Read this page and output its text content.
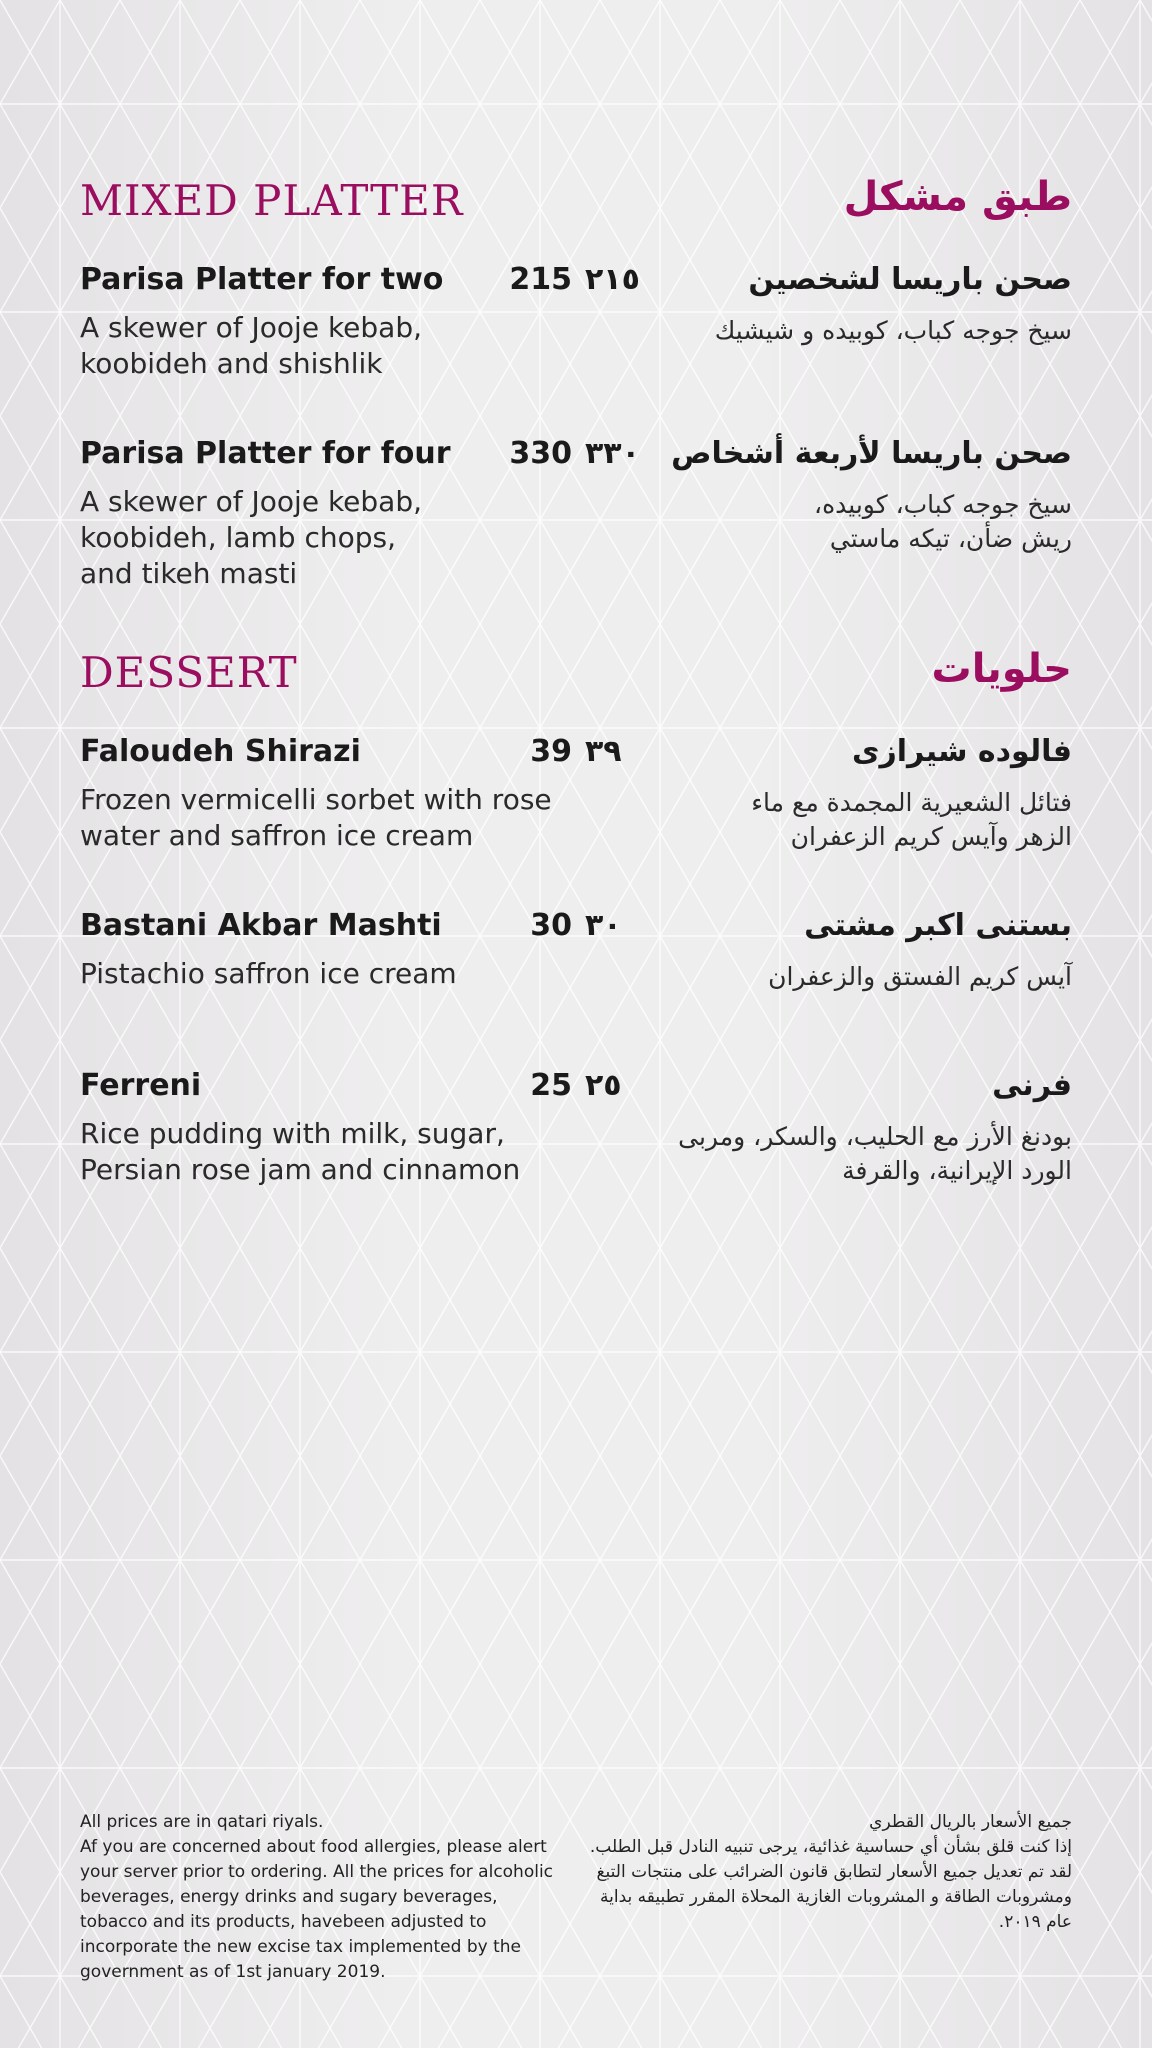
MIXED PLATTER	طبق مشكل
Parisa Platter for two 215 ٢١٥	صحن باريسا لشخصين
A skewer of Jooje kebab,
koobideh and shishlik
سيخ جوجه كباب، كوبيده و شيشيك
Parisa Platter for four 330 ٣٣٠ صحن باريسا لأربعة أشخاص
A skewer of Jooje kebab,
koobideh, lamb chops,
and tikeh masti
سيخ جوجه كباب، كوبيده،
ريش ضأن، تيكه ماستي
DESSERT	حلويات
Faloudeh Shirazi	39 ٣٩	فالوده شيرازى
Frozen vermicelli sorbet with rose
water and saffron ice cream
فتائل الشعيرية المجمدة مع ماء
الزهر وآيس كريم الزعفران
Bastani Akbar Mashti	30 ٣٠	بستنى اكبر مشتى
Pistachio saffron ice cream	آيس كريم الفستق والزعفران
Ferreni	25 ٢٥	فرنى
Rice pudding with milk, sugar,
Persian rose jam and cinnamon
بودنغ الأرز مع الحليب، والسكر، ومربى
الورد الإيرانية، والقرفة
All prices are in qatari riyals.
Af you are concerned about food allergies, please alert your server prior to ordering. All the prices for alcoholic beverages, energy drinks and sugary beverages, tobacco and its products, havebeen adjusted to incorporate the new excise tax implemented by the government as of 1st january 2019.
جميع الأسعار بالريال القطري
إذا كنت قلق بشأن أي حساسية غذائية، يرجى تنبيه النادل قبل الطلب. لقد تم تعديل جميع الأسعار لتطابق قانون الضرائب على منتجات التبغ ومشروبات الطاقة و المشروبات الغازية المحلاة المقرر تطبيقه بداية عام ٢٠١٩.
